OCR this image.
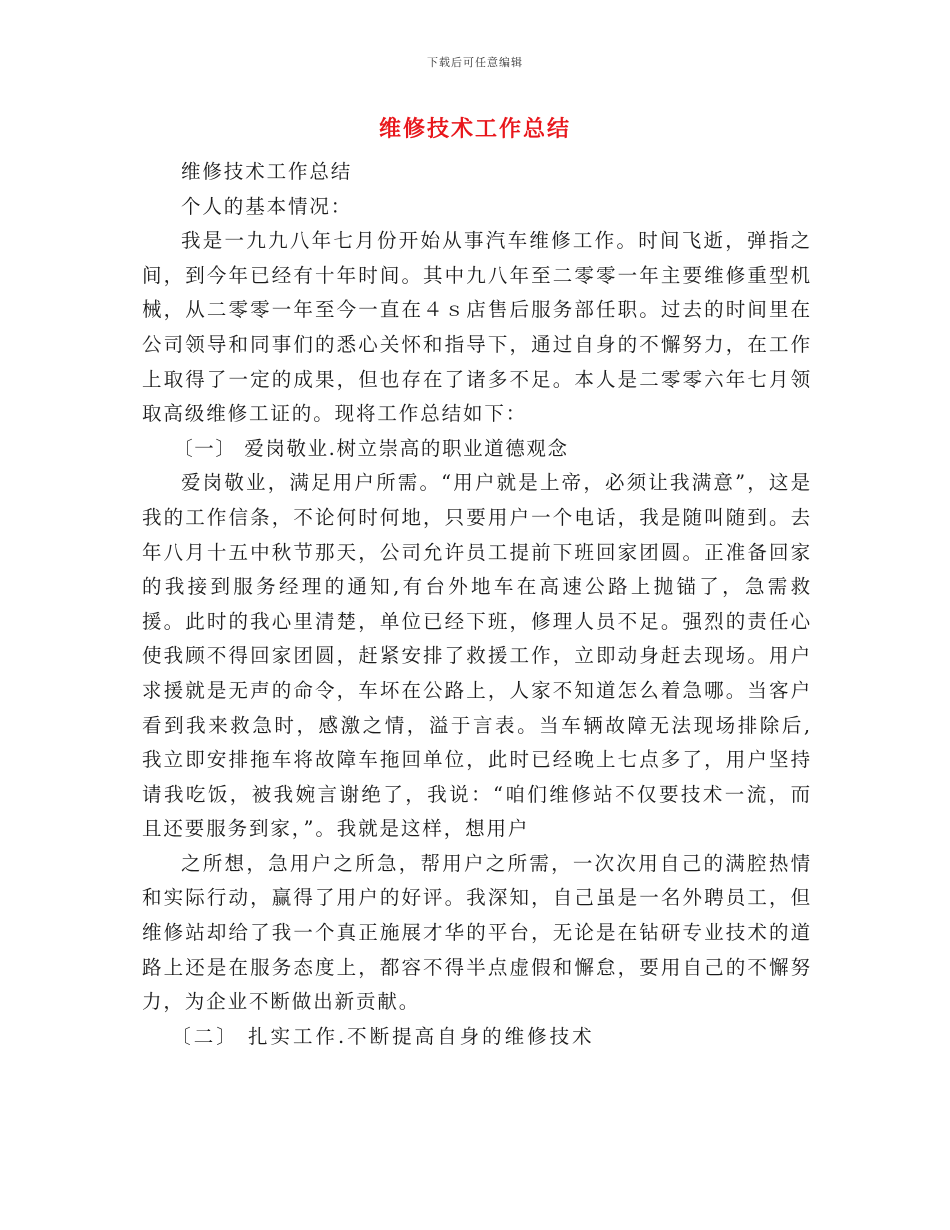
下载后可任意编辑
维修技术工作总结

维修技术工作总结

个人的基本情况：

我是一九九八年七月份开始从事汽车维修工作。时间飞逝，弹指之间，到今年已经有十年时间。其中九八年至二零零一年主要维修重型机械，从二零零一年至今一直在４ｓ店售后服务部任职。过去的时间里在公司领导和同事们的悉心关怀和指导下，通过自身的不懈努力，在工作上取得了一定的成果，但也存在了诸多不足。本人是二零零六年七月领取高级维修工证的。现将工作总结如下：

〔一〕 爱岗敬业.树立崇高的职业道德观念

爱岗敬业，满足用户所需。“用户就是上帝，必须让我满意”，这是我的工作信条，不论何时何地，只要用户一个电话，我是随叫随到。去年八月十五中秋节那天，公司允许员工提前下班回家团圆。正准备回家的我接到服务经理的通知,有台外地车在高速公路上抛锚了，急需救援。此时的我心里清楚，单位已经下班，修理人员不足。强烈的责任心使我顾不得回家团圆，赶紧安排了救援工作，立即动身赶去现场。用户求援就是无声的命令，车坏在公路上，人家不知道怎么着急哪。当客户看到我来救急时，感激之情，溢于言表。当车辆故障无法现场排除后,我立即安排拖车将故障车拖回单位，此时已经晚上七点多了，用户坚持请我吃饭，被我婉言谢绝了，我说：“咱们维修站不仅要技术一流，而且还要服务到家，”。我就是这样，想用户

之所想，急用户之所急，帮用户之所需，一次次用自己的满腔热情和实际行动，赢得了用户的好评。我深知，自己虽是一名外聘员工，但维修站却给了我一个真正施展才华的平台，无论是在钻研专业技术的道路上还是在服务态度上，都容不得半点虚假和懈怠，要用自己的不懈努力，为企业不断做出新贡献。

〔二〕 扎实工作.不断提高自身的维修技术
